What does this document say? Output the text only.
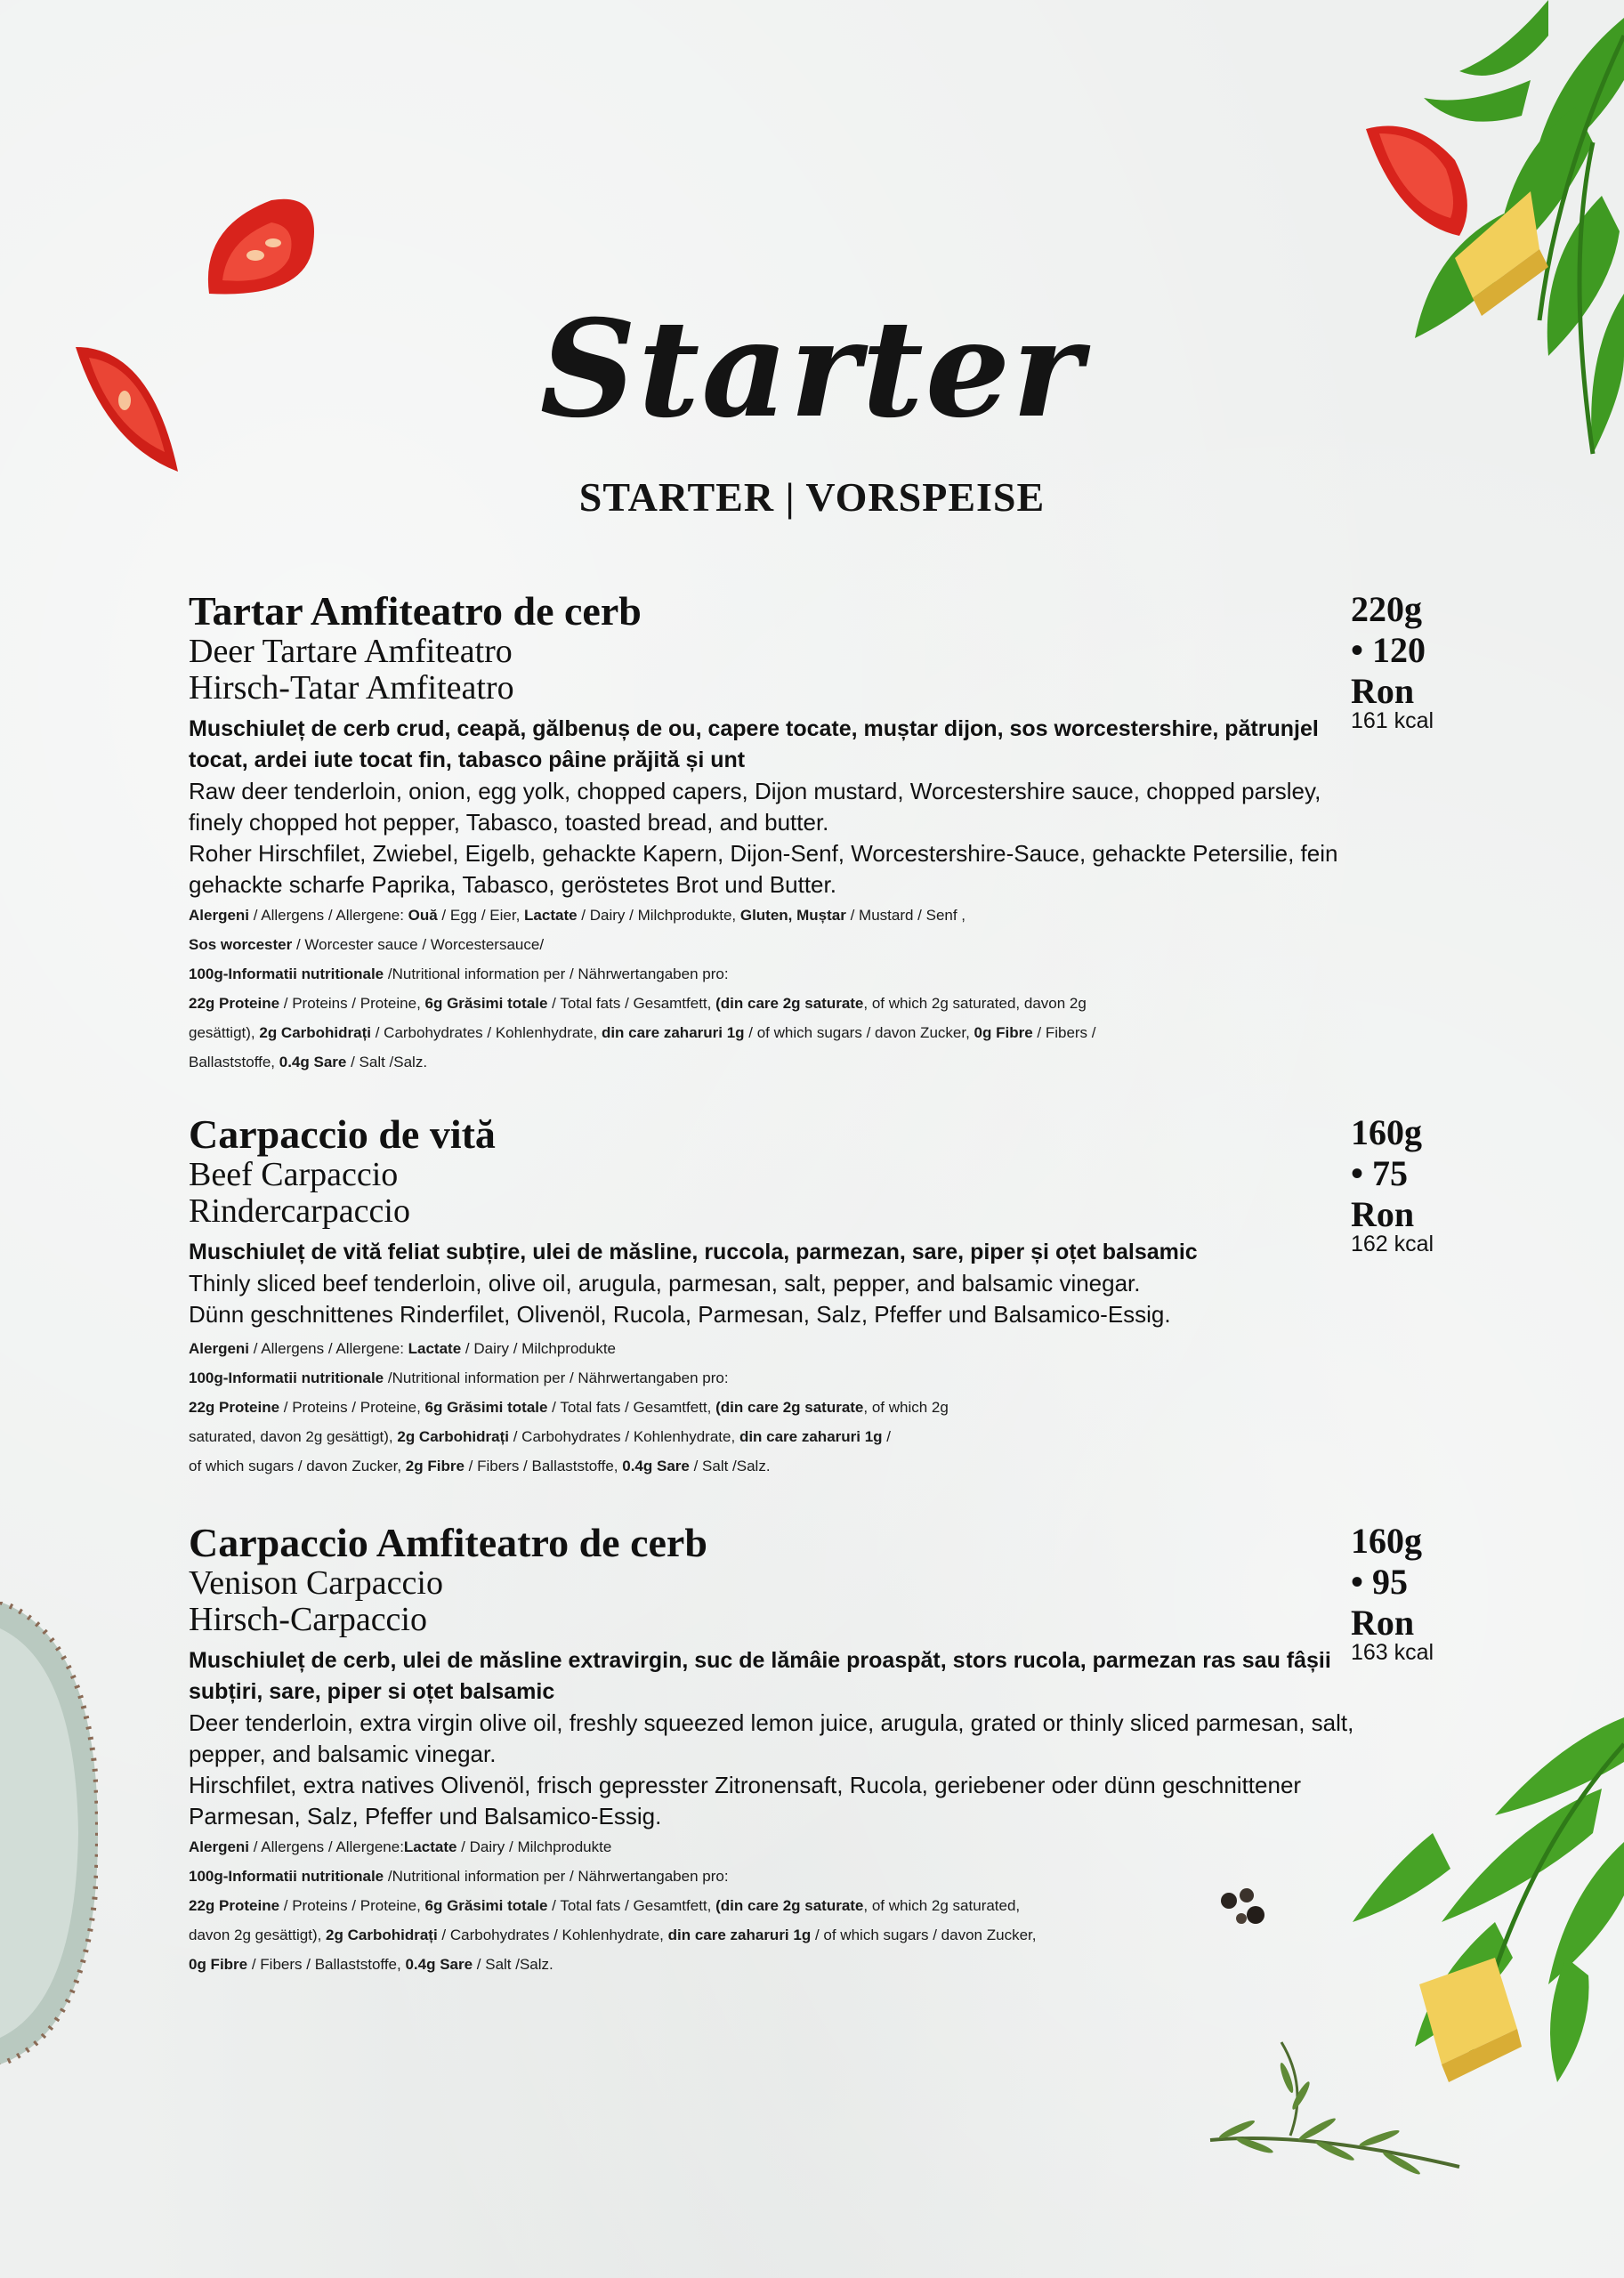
Starter
STARTER | VORSPEISE
220g • 120 Ron
161 kcal
Tartar Amfiteatro de cerb
Deer Tartare Amfiteatro
Hirsch-Tatar Amfiteatro
Muschiuleț de cerb crud, ceapă, gălbenuș de ou, capere tocate, muștar dijon, sos worcestershire, pătrunjel tocat, ardei iute tocat fin, tabasco pâine prăjită și unt
Raw deer tenderloin, onion, egg yolk, chopped capers, Dijon mustard, Worcestershire sauce, chopped parsley, finely chopped hot pepper, Tabasco, toasted bread, and butter.
Roher Hirschfilet, Zwiebel, Eigelb, gehackte Kapern, Dijon-Senf, Worcestershire-Sauce, gehackte Petersilie, fein gehackte scharfe Paprika, Tabasco, geröstetes Brot und Butter.
Alergeni / Allergens / Allergene: Ouă / Egg / Eier, Lactate / Dairy / Milchprodukte, Gluten, Muștar / Mustard / Senf ,
Sos worcester / Worcester sauce / Worcestersauce/
100g-Informatii nutritionale /Nutritional information per / Nährwertangaben pro:
22g Proteine / Proteins / Proteine, 6g Grăsimi totale / Total fats / Gesamtfett, (din care 2g saturate, of which 2g saturated, davon 2g
gesättigt), 2g Carbohidrați / Carbohydrates / Kohlenhydrate, din care zaharuri 1g / of which sugars / davon Zucker, 0g Fibre / Fibers /
Ballaststoffe, 0.4g Sare / Salt /Salz.
160g • 75 Ron
162 kcal
Carpaccio de vită
Beef Carpaccio
Rindercarpaccio
Muschiuleț de vită feliat subțire, ulei de măsline, ruccola, parmezan, sare, piper și oțet balsamic
Thinly sliced beef tenderloin, olive oil, arugula, parmesan, salt, pepper, and balsamic vinegar.
Dünn geschnittenes Rinderfilet, Olivenöl, Rucola, Parmesan, Salz, Pfeffer und Balsamico-Essig.
Alergeni / Allergens / Allergene: Lactate / Dairy / Milchprodukte
100g-Informatii nutritionale /Nutritional information per / Nährwertangaben pro:
22g Proteine / Proteins / Proteine, 6g Grăsimi totale / Total fats / Gesamtfett, (din care 2g saturate, of which 2g
saturated, davon 2g gesättigt), 2g Carbohidrați / Carbohydrates / Kohlenhydrate, din care zaharuri 1g /
of which sugars / davon Zucker, 2g Fibre / Fibers / Ballaststoffe, 0.4g Sare / Salt /Salz.
160g • 95 Ron
163 kcal
Carpaccio Amfiteatro de cerb
Venison Carpaccio
Hirsch-Carpaccio
Muschiuleț de cerb, ulei de măsline extravirgin, suc de lămâie proaspăt, stors rucola, parmezan ras sau fâșii subțiri, sare, piper si oțet balsamic
Deer tenderloin, extra virgin olive oil, freshly squeezed lemon juice, arugula, grated or thinly sliced parmesan, salt, pepper, and balsamic vinegar.
Hirschfilet, extra natives Olivenöl, frisch gepresster Zitronensaft, Rucola, geriebener oder dünn geschnittener Parmesan, Salz, Pfeffer und Balsamico-Essig.
Alergeni / Allergens / Allergene:Lactate / Dairy / Milchprodukte
100g-Informatii nutritionale /Nutritional information per / Nährwertangaben pro:
22g Proteine / Proteins / Proteine, 6g Grăsimi totale / Total fats / Gesamtfett, (din care 2g saturate, of which 2g saturated,
davon 2g gesättigt), 2g Carbohidrați / Carbohydrates / Kohlenhydrate, din care zaharuri 1g / of which sugars / davon Zucker,
0g Fibre / Fibers / Ballaststoffe, 0.4g Sare / Salt /Salz.
